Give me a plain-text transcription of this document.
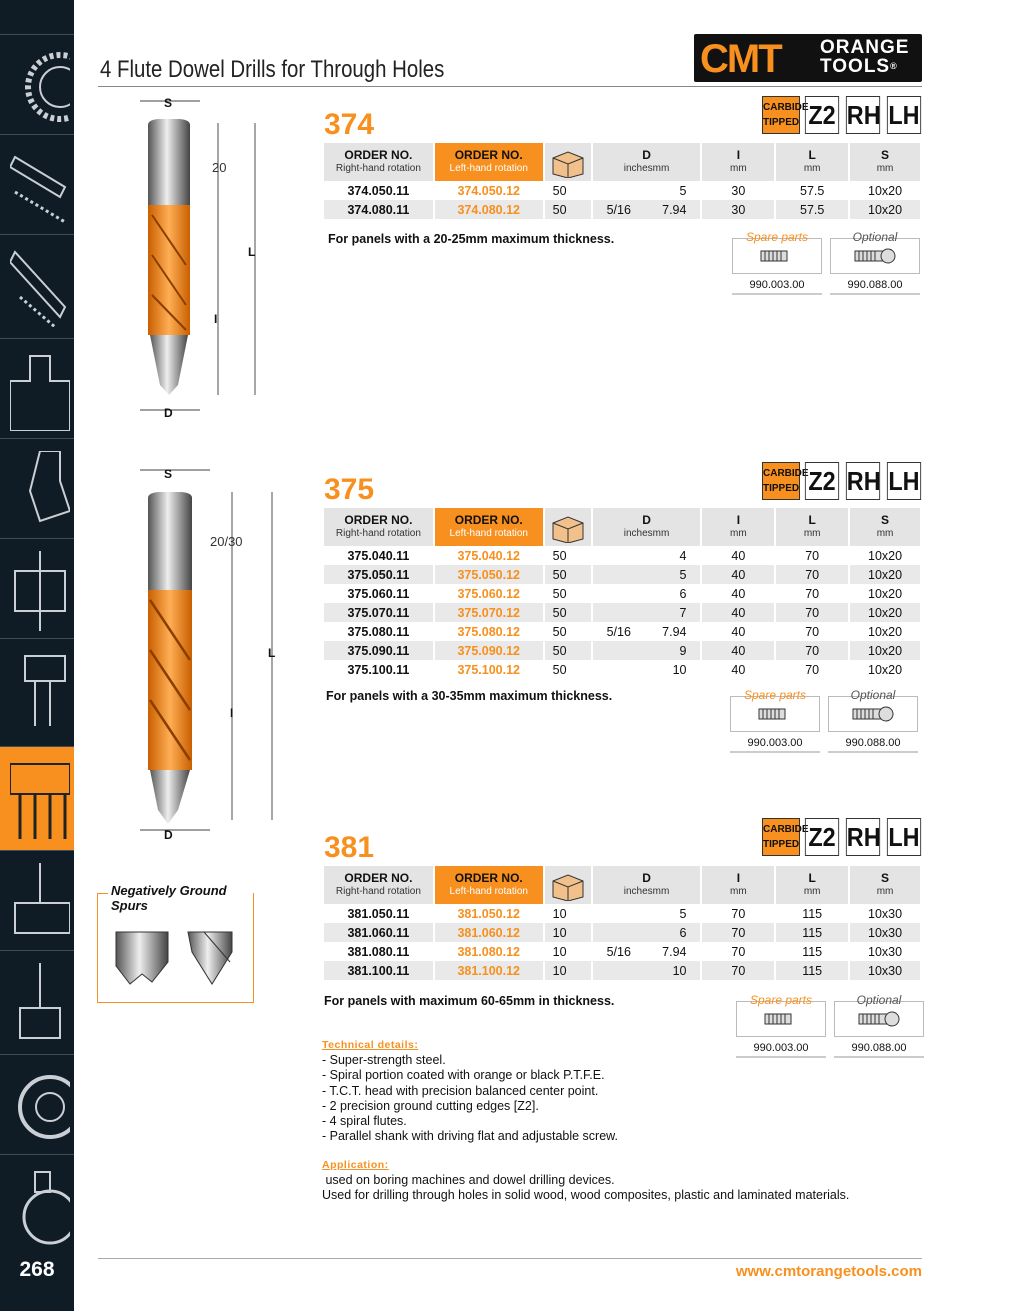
268
4 Flute Dowel Drills for Through Holes	CMT ORANGE
TOOLS®
S
20
L
I
D
374
CARBIDE
TIPPED Z2 RH LH
ORDER NO.
Right-hand rotation	ORDER NO.
Left-hand rotation		D
inchesmm	I
mm	L
mm	S
mm

374.050.11	374.050.12	50	5	30	57.5	10x20
374.080.11	374.080.12	50	5/16 7.94	30	57.5	10x20
For panels with a 20-25mm maximum thickness.	Spare parts
990.003.00
Optional
990.088.00
S
20/30
L
I
D
375	CARBIDE
TIPPED Z2 RH LH
ORDER NO.
Right-hand rotation	ORDER NO.
Left-hand rotation		D
inchesmm	I
mm	L
mm	S
mm

375.040.11	375.040.12	50	4	40	70	10x20
375.050.11	375.050.12	50	5	40	70	10x20
375.060.11	375.060.12	50	6	40	70	10x20
375.070.11	375.070.12	50	7	40	70	10x20
375.080.11	375.080.12	50	5/16 7.94	40	70	10x20
375.090.11	375.090.12	50	9	40	70	10x20
375.100.11	375.100.12	50	10	40	70	10x20
For panels with a 30-35mm maximum thickness.	Spare parts
990.003.00
Optional
990.088.00
Negatively Ground Spurs
381
CARBIDE
TIPPED Z2 RH LH
ORDER NO.
Right-hand rotation	ORDER NO.
Left-hand rotation		D
inchesmm	I
mm	L
mm	S
mm

381.050.11	381.050.12	10	5	70	115	10x30
381.060.11	381.060.12	10	6	70	115	10x30
381.080.11	381.080.12	10	5/16 7.94	70	115	10x30
381.100.11	381.100.12	10	10	70	115	10x30
For panels with maximum 60-65mm in thickness.	Spare parts
990.003.00
Optional
990.088.00
Technical details:
- Super-strength steel.
- Spiral portion coated with orange or black P.T.F.E.
- T.C.T. head with precision balanced center point.
- 2 precision ground cutting edges [Z2].
- 4 spiral flutes.
- Parallel shank with driving flat and adjustable screw.
Application:
used on boring machines and dowel drilling devices.
Used for drilling through holes in solid wood, wood composites, plastic and laminated materials.
www.cmtorangetools.com
